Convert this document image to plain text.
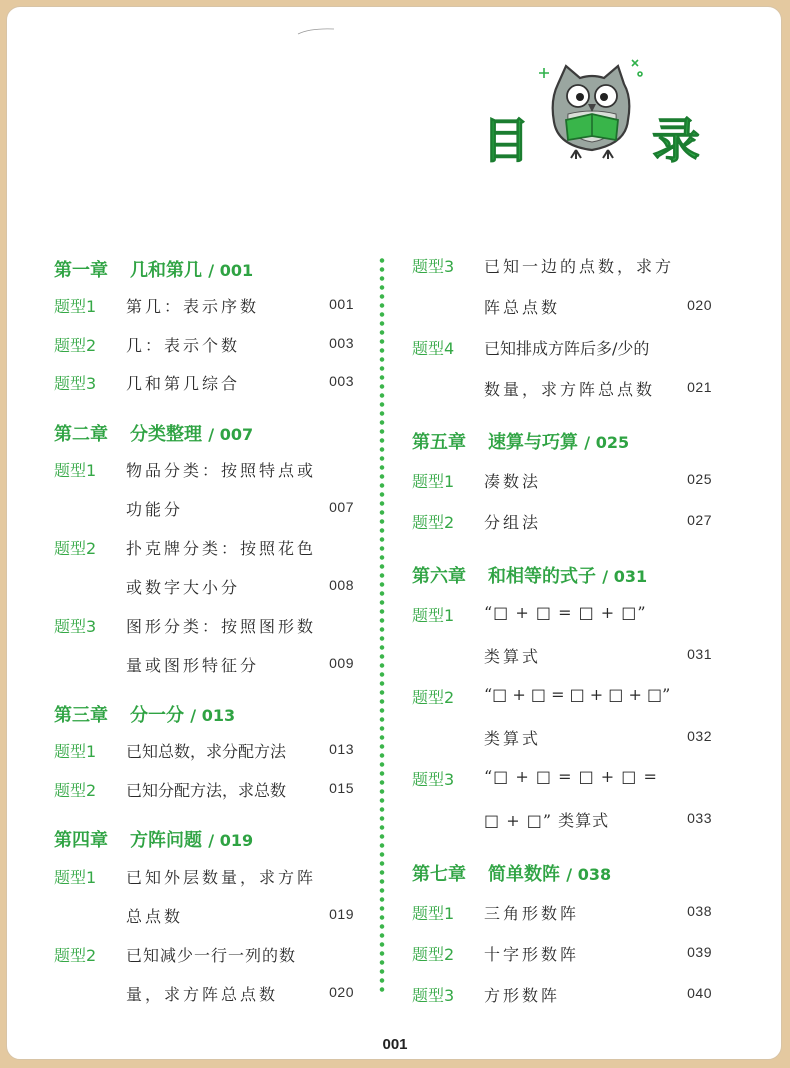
目	录
第一章 几和第几 / 001
题型1 第几：表示序数	001
题型2 几：表示个数	003
题型3 几和第几综合	003
第二章 分类整理 / 007
题型1 物品分类：按照特点或
功能分	007
题型2 扑克牌分类：按照花色
或数字大小分	008
题型3 图形分类：按照图形数
量或图形特征分	009
第三章 分一分 / 013
题型1 已知总数，求分配方法	013
题型2 已知分配方法，求总数	015
第四章 方阵问题 / 019
题型1 已知外层数量，求方阵
总点数	019
题型2 已知减少一行一列的数
量，求方阵总点数	020
题型3 已知一边的点数，求方
阵总点数	020
题型4 已知排成方阵后多/少的
数量，求方阵总点数 021
第五章 速算与巧算 / 025
题型1 凑数法	025
题型2 分组法	027
第六章 和相等的式子 / 031
题型1 “□ + □ = □ + □”
类算式	031
题型2 “□ + □ = □ + □ + □”
类算式	032
题型3 “□ + □ = □ + □ =
□ + □” 类算式	033
第七章 简单数阵 / 038
题型1 三角形数阵	038
题型2 十字形数阵	039
题型3 方形数阵	040
001
